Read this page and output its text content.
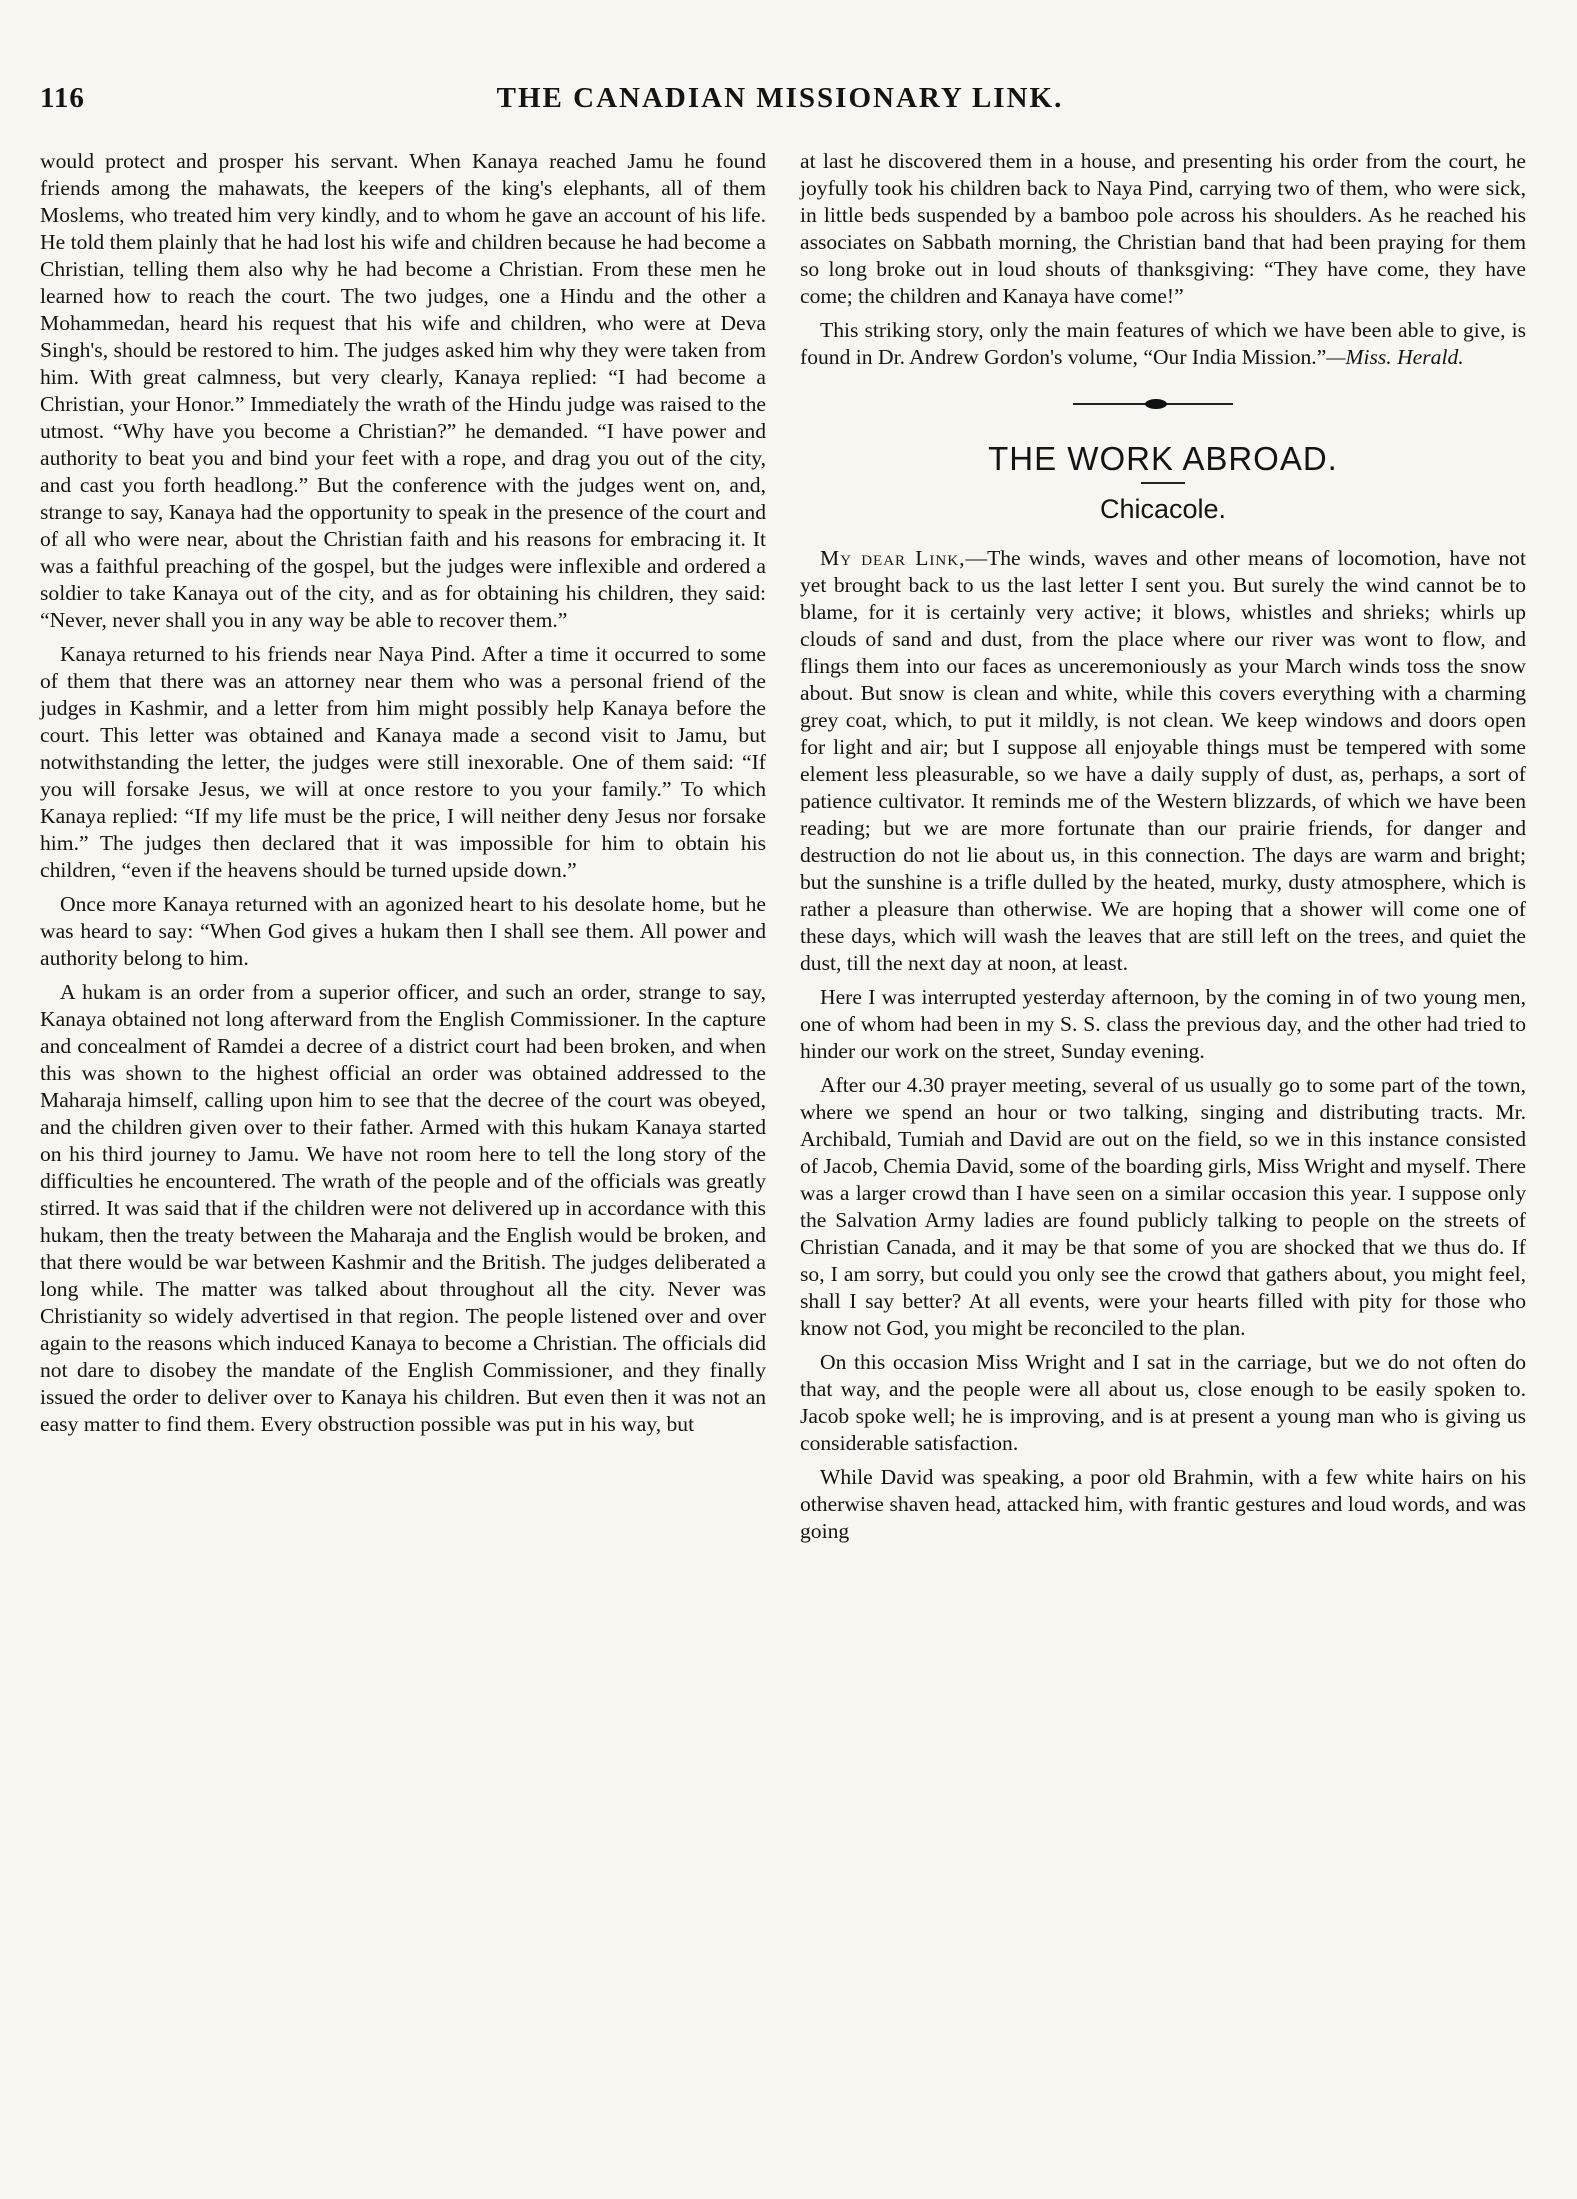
116	THE CANADIAN MISSIONARY LINK.

would protect and prosper his servant. When Kanaya reached Jamu he found friends among the mahawats, the keepers of the king's elephants, all of them Moslems, who treated him very kindly, and to whom he gave an account of his life. He told them plainly that he had lost his wife and children because he had become a Christian, telling them also why he had become a Christian. From these men he learned how to reach the court. The two judges, one a Hindu and the other a Mohammedan, heard his request that his wife and children, who were at Deva Singh's, should be restored to him. The judges asked him why they were taken from him. With great calmness, but very clearly, Kanaya replied: “I had become a Christian, your Honor.” Immediately the wrath of the Hindu judge was raised to the utmost. “Why have you become a Christian?” he demanded. “I have power and authority to beat you and bind your feet with a rope, and drag you out of the city, and cast you forth headlong.” But the conference with the judges went on, and, strange to say, Kanaya had the opportunity to speak in the presence of the court and of all who were near, about the Christian faith and his reasons for embracing it. It was a faithful preaching of the gospel, but the judges were inflexible and ordered a soldier to take Kanaya out of the city, and as for obtaining his children, they said: “Never, never shall you in any way be able to recover them.”

Kanaya returned to his friends near Naya Pind. After a time it occurred to some of them that there was an attorney near them who was a personal friend of the judges in Kashmir, and a letter from him might possibly help Kanaya before the court. This letter was obtained and Kanaya made a second visit to Jamu, but notwithstanding the letter, the judges were still inexorable. One of them said: “If you will forsake Jesus, we will at once restore to you your family.” To which Kanaya replied: “If my life must be the price, I will neither deny Jesus nor forsake him.” The judges then declared that it was impossible for him to obtain his children, “even if the heavens should be turned upside down.”

Once more Kanaya returned with an agonized heart to his desolate home, but he was heard to say: “When God gives a hukam then I shall see them. All power and authority belong to him.

A hukam is an order from a superior officer, and such an order, strange to say, Kanaya obtained not long afterward from the English Commissioner. In the capture and concealment of Ramdei a decree of a district court had been broken, and when this was shown to the highest official an order was obtained addressed to the Maharaja himself, calling upon him to see that the decree of the court was obeyed, and the children given over to their father. Armed with this hukam Kanaya started on his third journey to Jamu. We have not room here to tell the long story of the difficulties he encountered. The wrath of the people and of the officials was greatly stirred. It was said that if the children were not delivered up in accordance with this hukam, then the treaty between the Maharaja and the English would be broken, and that there would be war between Kashmir and the British. The judges deliberated a long while. The matter was talked about throughout all the city. Never was Christianity so widely advertised in that region. The people listened over and over again to the reasons which induced Kanaya to become a Christian. The officials did not dare to disobey the mandate of the English Commissioner, and they finally issued the order to deliver over to Kanaya his children. But even then it was not an easy matter to find them. Every obstruction possible was put in his way, but

at last he discovered them in a house, and presenting his order from the court, he joyfully took his children back to Naya Pind, carrying two of them, who were sick, in little beds suspended by a bamboo pole across his shoulders. As he reached his associates on Sabbath morning, the Christian band that had been praying for them so long broke out in loud shouts of thanksgiving: “They have come, they have come; the children and Kanaya have come!”

This striking story, only the main features of which we have been able to give, is found in Dr. Andrew Gordon's volume, “Our India Mission.”—Miss. Herald.

THE WORK ABROAD.
Chicacole.

My dear Link,—The winds, waves and other means of locomotion, have not yet brought back to us the last letter I sent you. But surely the wind cannot be to blame, for it is certainly very active; it blows, whistles and shrieks; whirls up clouds of sand and dust, from the place where our river was wont to flow, and flings them into our faces as unceremoniously as your March winds toss the snow about. But snow is clean and white, while this covers everything with a charming grey coat, which, to put it mildly, is not clean. We keep windows and doors open for light and air; but I suppose all enjoyable things must be tempered with some element less pleasurable, so we have a daily supply of dust, as, perhaps, a sort of patience cultivator. It reminds me of the Western blizzards, of which we have been reading; but we are more fortunate than our prairie friends, for danger and destruction do not lie about us, in this connection. The days are warm and bright; but the sunshine is a trifle dulled by the heated, murky, dusty atmosphere, which is rather a pleasure than otherwise. We are hoping that a shower will come one of these days, which will wash the leaves that are still left on the trees, and quiet the dust, till the next day at noon, at least.

Here I was interrupted yesterday afternoon, by the coming in of two young men, one of whom had been in my S. S. class the previous day, and the other had tried to hinder our work on the street, Sunday evening.

After our 4.30 prayer meeting, several of us usually go to some part of the town, where we spend an hour or two talking, singing and distributing tracts. Mr. Archibald, Tumiah and David are out on the field, so we in this instance consisted of Jacob, Chemia David, some of the boarding girls, Miss Wright and myself. There was a larger crowd than I have seen on a similar occasion this year. I suppose only the Salvation Army ladies are found publicly talking to people on the streets of Christian Canada, and it may be that some of you are shocked that we thus do. If so, I am sorry, but could you only see the crowd that gathers about, you might feel, shall I say better? At all events, were your hearts filled with pity for those who know not God, you might be reconciled to the plan.

On this occasion Miss Wright and I sat in the carriage, but we do not often do that way, and the people were all about us, close enough to be easily spoken to. Jacob spoke well; he is improving, and is at present a young man who is giving us considerable satisfaction.

While David was speaking, a poor old Brahmin, with a few white hairs on his otherwise shaven head, attacked him, with frantic gestures and loud words, and was going
